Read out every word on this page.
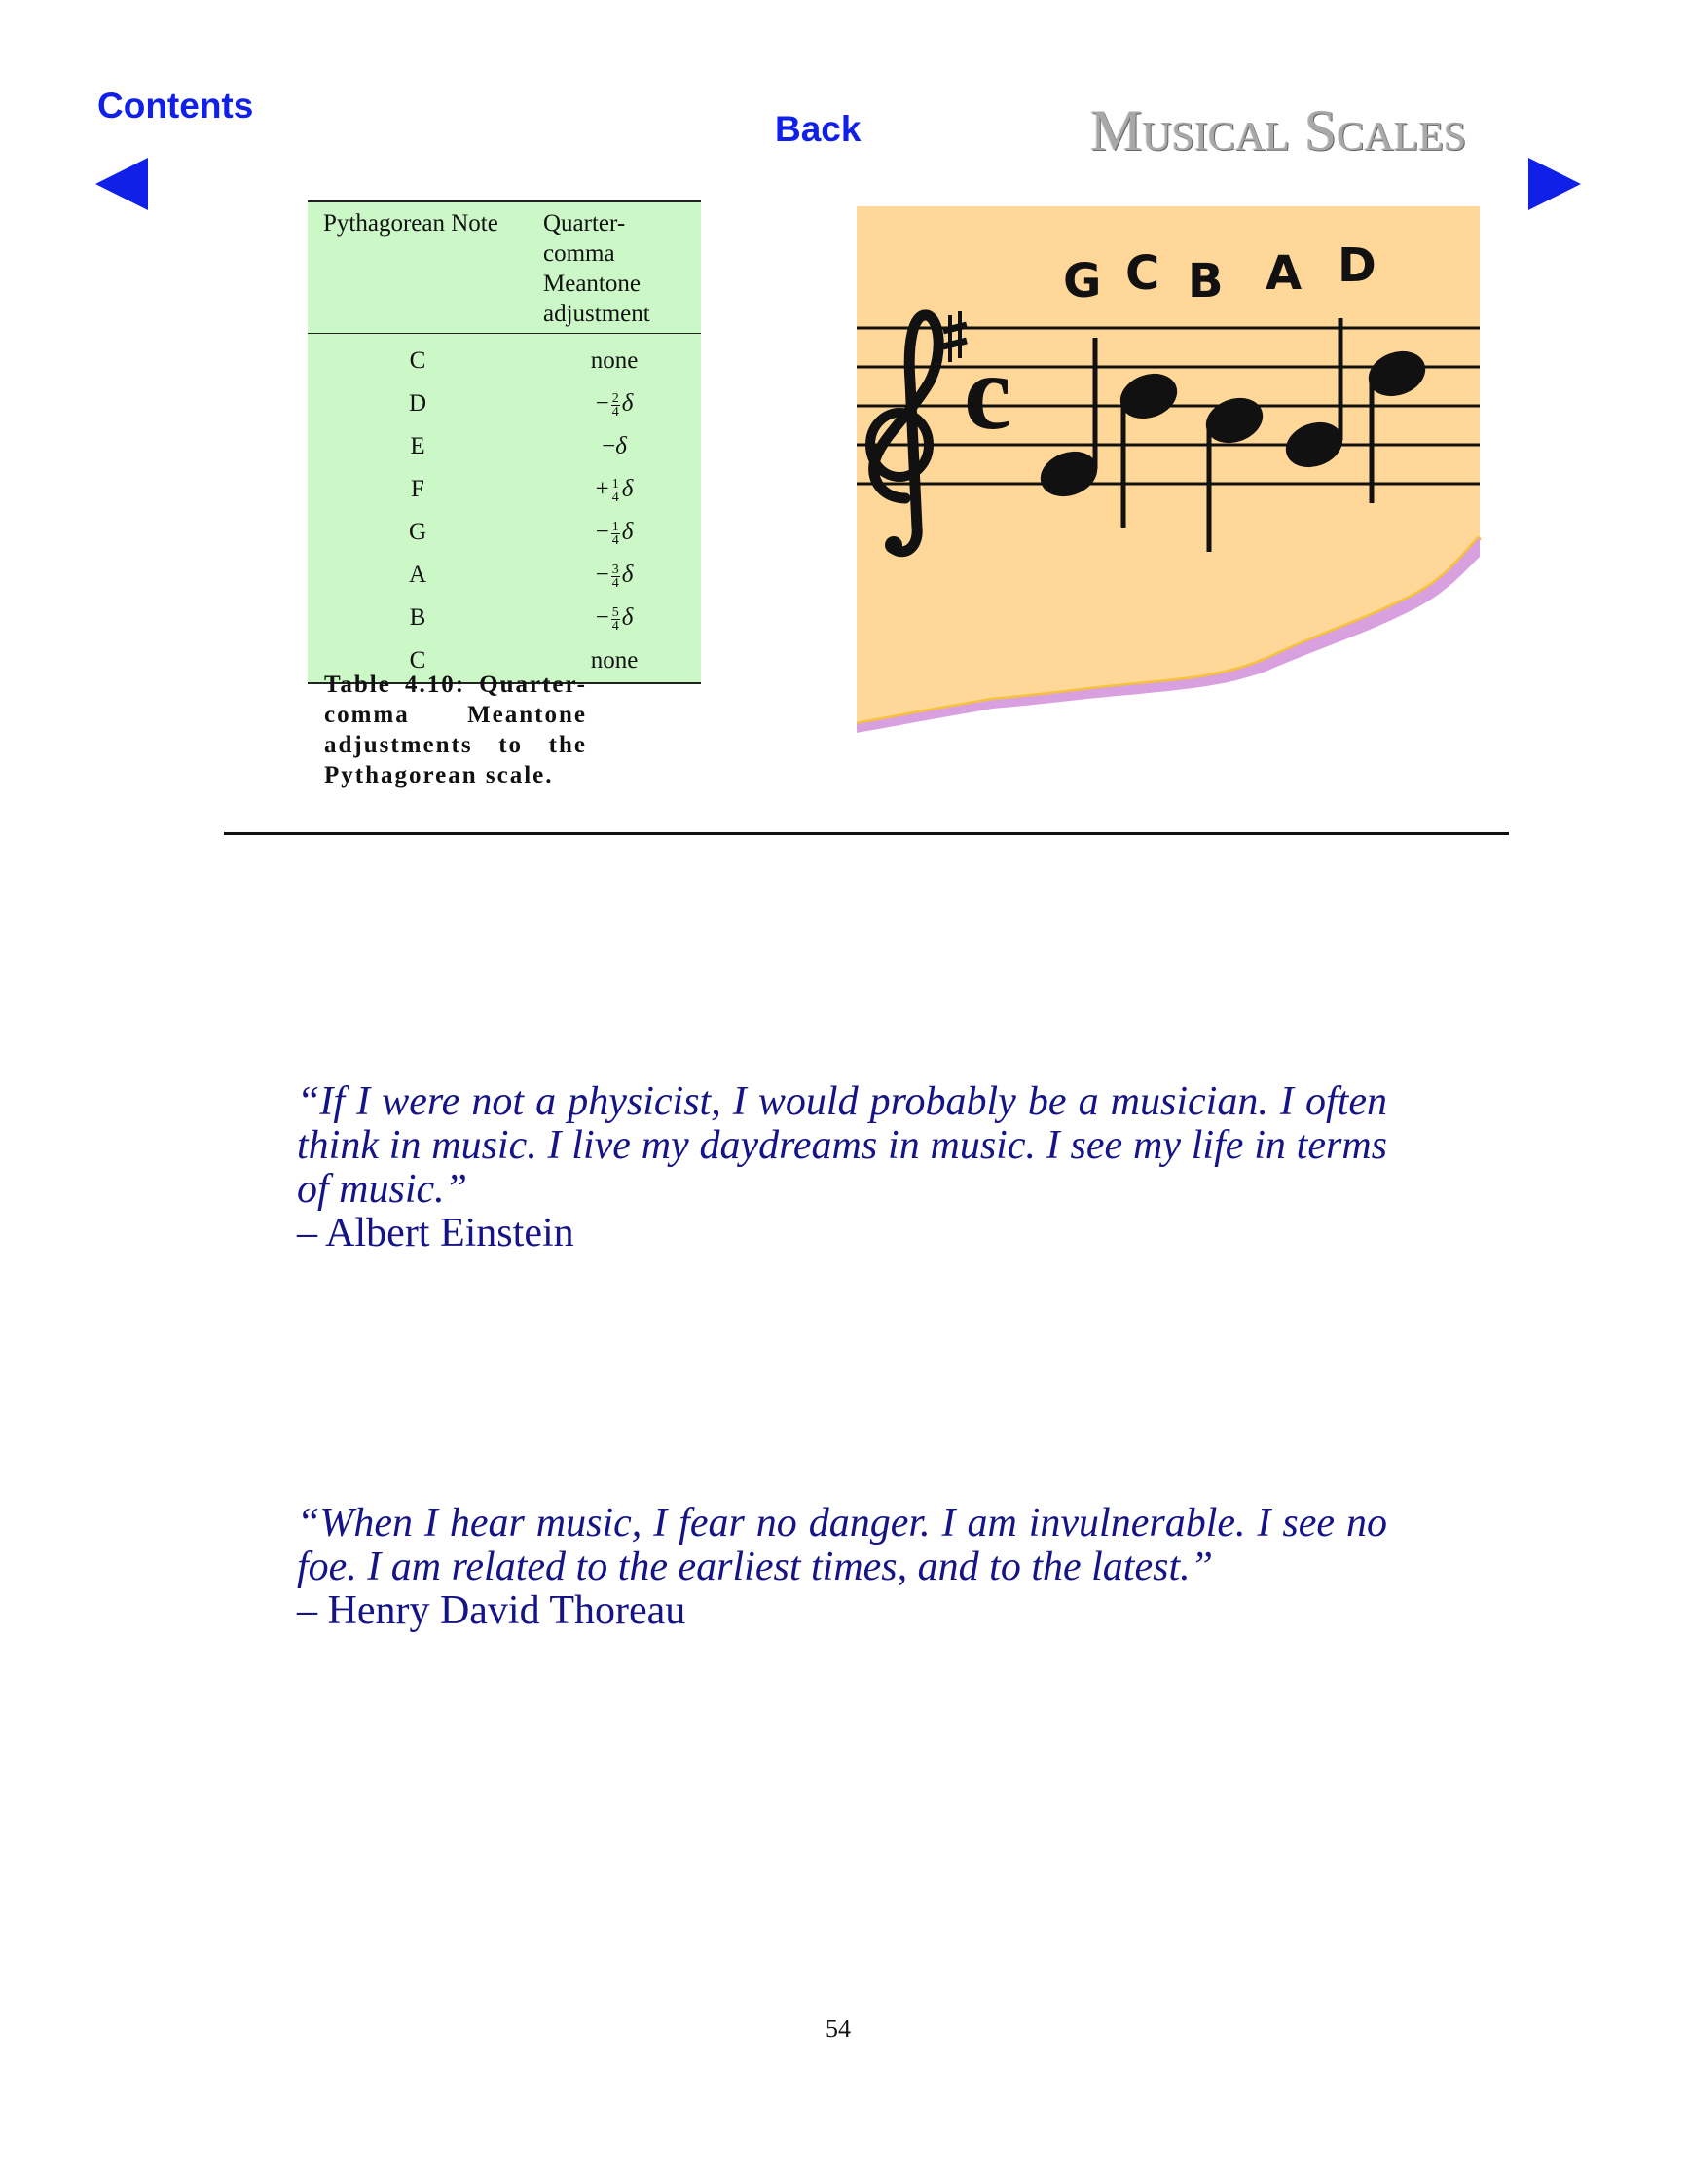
Contents
Back	Musical Scales
Pythagorean Note	Quarter-comma Meantone adjustment
C	none
D	− $\frac{2}{4}$ δ
E	−δ
F	+ $\frac{1}{4}$ δ
G	− $\frac{1}{4}$ δ
A	− $\frac{3}{4}$ δ
B	− $\frac{5}{4}$ δ
C	none
Table 4.10: Quarter-comma Meantone adjustments to the Pythagorean scale.
c
G C B A D
“If I were not a physicist, I would probably be a musician. I often think in music. I live my daydreams in music. I see my life in terms of music.”
– Albert Einstein
“When I hear music, I fear no danger. I am invulnerable. I see no foe. I am related to the earliest times, and to the latest.”
– Henry David Thoreau
54
